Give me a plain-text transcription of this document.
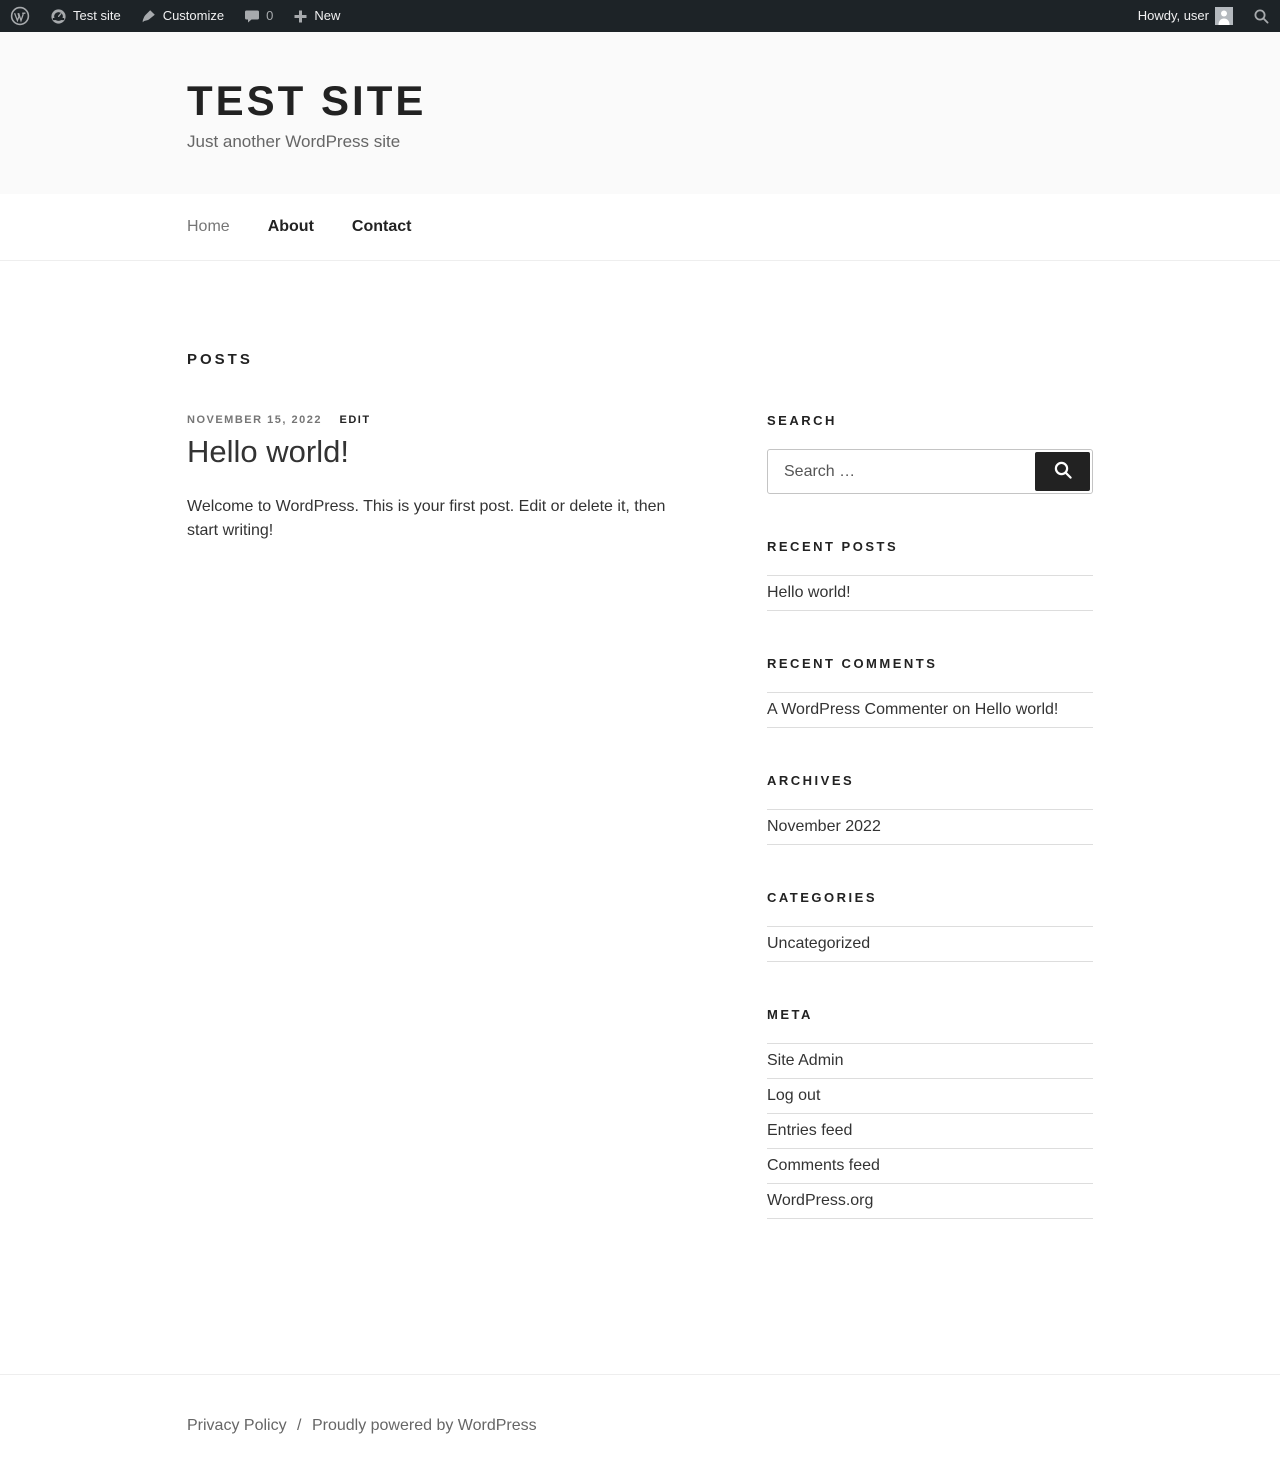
Test site	Customize	0	New	Howdy, user
TEST SITE
Just another WordPress site
Home About Contact
POSTS
NOVEMBER 15, 2022 EDIT
Hello world!

Welcome to WordPress. This is your first post. Edit or delete it, then start writing!

SEARCH
Search …
RECENT POSTS
Hello world!
RECENT COMMENTS
A WordPress Commenter on Hello world!
ARCHIVES
November 2022
CATEGORIES
Uncategorized
META
Site Admin
Log out
Entries feed
Comments feed
WordPress.org
Privacy Policy / Proudly powered by WordPress
